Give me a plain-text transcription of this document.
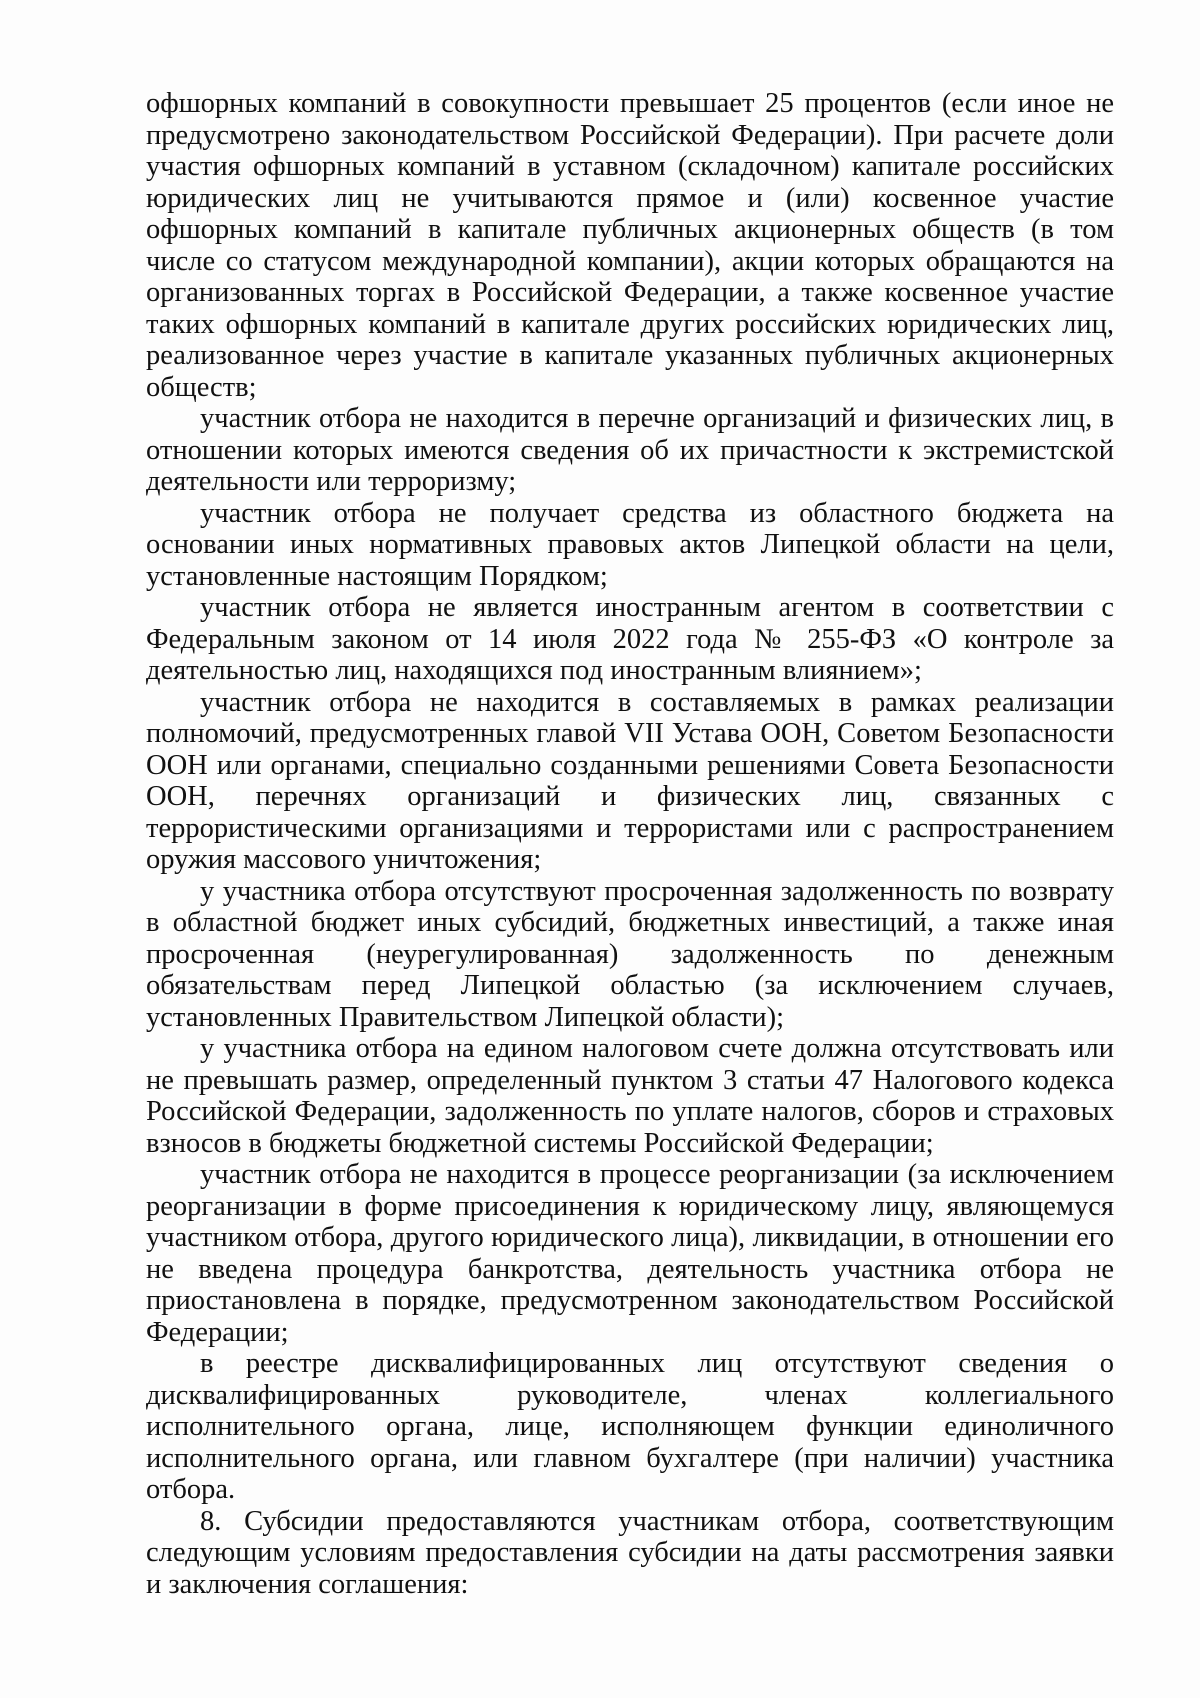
офшорных компаний в совокупности превышает 25 процентов (если иное не предусмотрено законодательством Российской Федерации). При расчете доли участия офшорных компаний в уставном (складочном) капитале российских юридических лиц не учитываются прямое и (или) косвенное участие офшорных компаний в капитале публичных акционерных обществ (в том числе со статусом международной компании), акции которых обращаются на организованных торгах в Российской Федерации, а также косвенное участие таких офшорных компаний в капитале других российских юридических лиц, реализованное через участие в капитале указанных публичных акционерных обществ;

участник отбора не находится в перечне организаций и физических лиц, в отношении которых имеются сведения об их причастности к экстремистской деятельности или терроризму;

участник отбора не получает средства из областного бюджета на основании иных нормативных правовых актов Липецкой области на цели, установленные настоящим Порядком;

участник отбора не является иностранным агентом в соответствии с Федеральным законом от 14 июля 2022 года № 255-ФЗ «О контроле за деятельностью лиц, находящихся под иностранным влиянием»;

участник отбора не находится в составляемых в рамках реализации полномочий, предусмотренных главой VII Устава ООН, Советом Безопасности ООН или органами, специально созданными решениями Совета Безопасности ООН, перечнях организаций и физических лиц, связанных с террористическими организациями и террористами или с распространением оружия массового уничтожения;

у участника отбора отсутствуют просроченная задолженность по возврату в областной бюджет иных субсидий, бюджетных инвестиций, а также иная просроченная (неурегулированная) задолженность по денежным обязательствам перед Липецкой областью (за исключением случаев, установленных Правительством Липецкой области);

у участника отбора на едином налоговом счете должна отсутствовать или не превышать размер, определенный пунктом 3 статьи 47 Налогового кодекса Российской Федерации, задолженность по уплате налогов, сборов и страховых взносов в бюджеты бюджетной системы Российской Федерации;

участник отбора не находится в процессе реорганизации (за исключением реорганизации в форме присоединения к юридическому лицу, являющемуся участником отбора, другого юридического лица), ликвидации, в отношении его не введена процедура банкротства, деятельность участника отбора не приостановлена в порядке, предусмотренном законодательством Российской Федерации;

в реестре дисквалифицированных лиц отсутствуют сведения о дисквалифицированных руководителе, членах коллегиального исполнительного органа, лице, исполняющем функции единоличного исполнительного органа, или главном бухгалтере (при наличии) участника отбора.

8. Субсидии предоставляются участникам отбора, соответствующим следующим условиям предоставления субсидии на даты рассмотрения заявки и заключения соглашения:
